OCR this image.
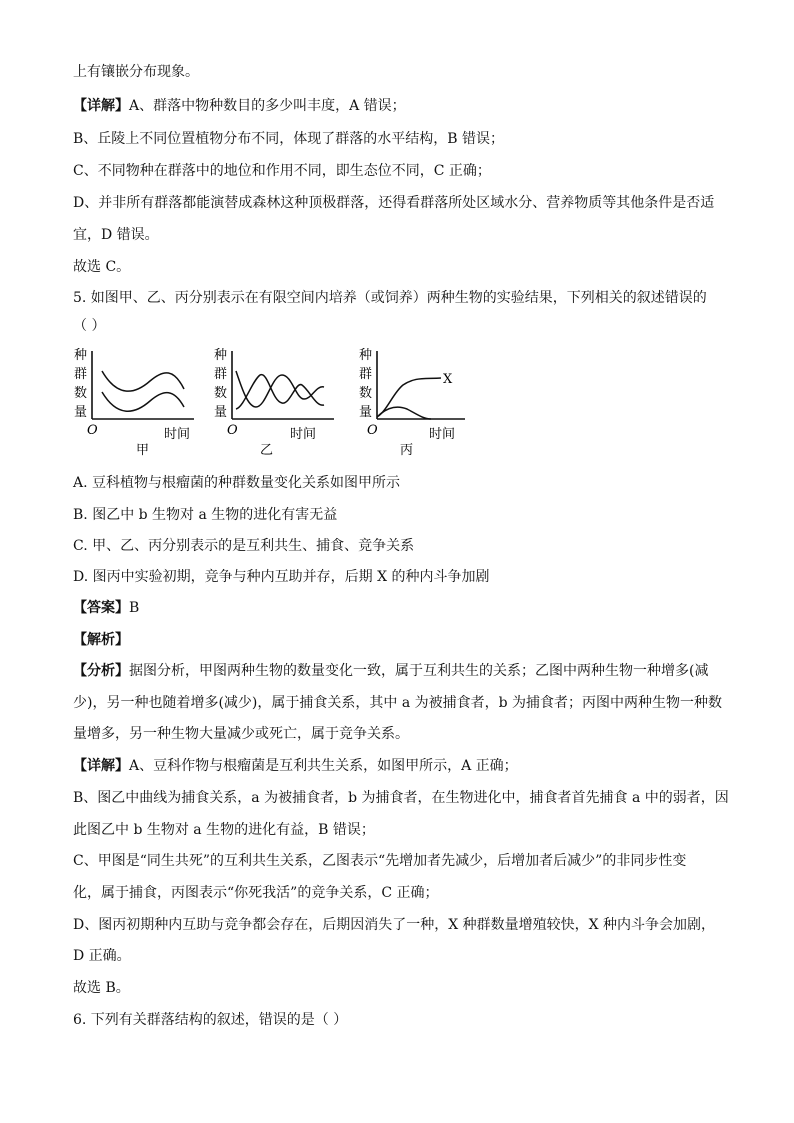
上有镶嵌分布现象。
【详解】A、群落中物种数目的多少叫丰度，A 错误；
B、丘陵上不同位置植物分布不同，体现了群落的水平结构，B 错误；
C、不同物种在群落中的地位和作用不同，即生态位不同，C 正确；
D、并非所有群落都能演替成森林这种顶极群落，还得看群落所处区域水分、营养物质等其他条件是否适
宜，D 错误。
故选 C。
5. 如图甲、乙、丙分别表示在有限空间内培养（或饲养）两种生物的实验结果，下列相关的叙述错误的
（ ）
种
群
数
量
O	时间
甲
种
群
数
量
O	时间
乙
种
群
数
量
X
O	时间
丙
A. 豆科植物与根瘤菌的种群数量变化关系如图甲所示
B. 图乙中 b 生物对 a 生物的进化有害无益
C. 甲、乙、丙分别表示的是互利共生、捕食、竞争关系
D. 图丙中实验初期，竞争与种内互助并存，后期 X 的种内斗争加剧
【答案】B
【解析】
【分析】据图分析，甲图两种生物的数量变化一致，属于互利共生的关系；乙图中两种生物一种增多(减
少)，另一种也随着增多(减少)，属于捕食关系，其中 a 为被捕食者，b 为捕食者；丙图中两种生物一种数
量增多，另一种生物大量减少或死亡，属于竞争关系。
【详解】A、豆科作物与根瘤菌是互利共生关系，如图甲所示，A 正确；
B、图乙中曲线为捕食关系，a 为被捕食者，b 为捕食者，在生物进化中，捕食者首先捕食 a 中的弱者，因
此图乙中 b 生物对 a 生物的进化有益，B 错误；
C、甲图是“同生共死”的互利共生关系，乙图表示“先增加者先减少，后增加者后减少”的非同步性变
化，属于捕食，丙图表示“你死我活”的竞争关系，C 正确；
D、图丙初期种内互助与竞争都会存在，后期因消失了一种，X 种群数量增殖较快，X 种内斗争会加剧，
D 正确。
故选 B。
6. 下列有关群落结构的叙述，错误的是（ ）
